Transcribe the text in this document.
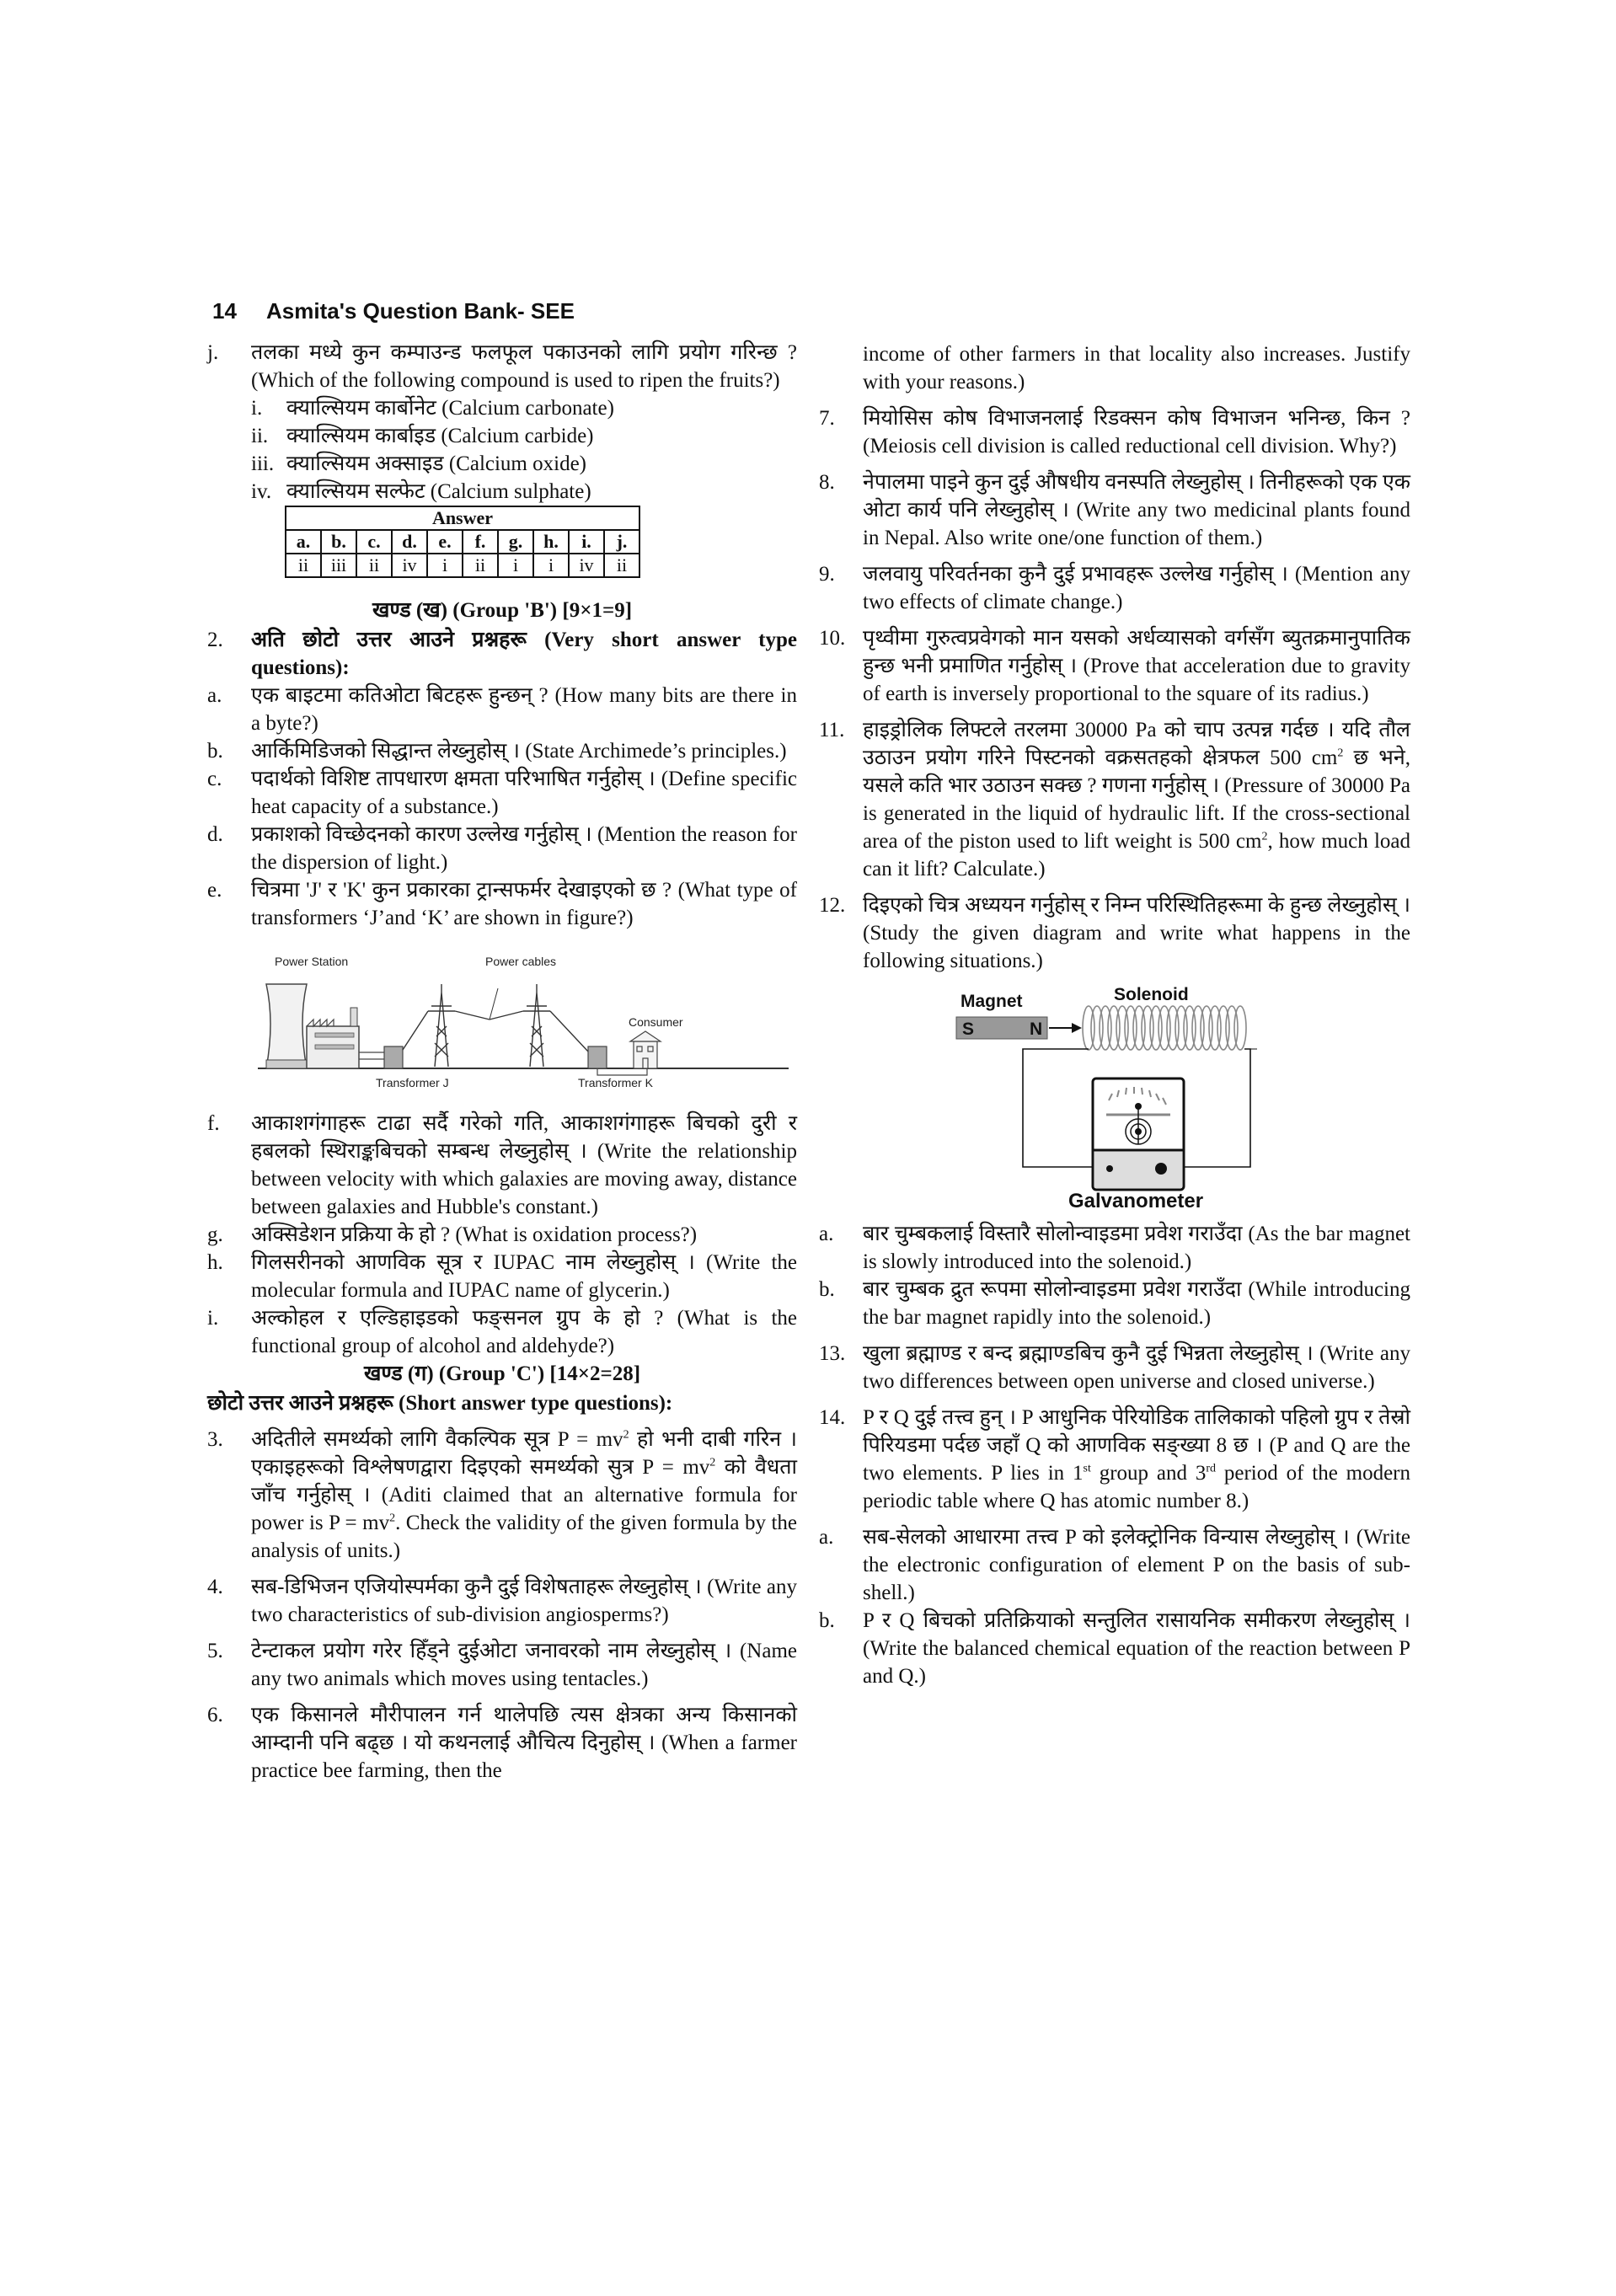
14 Asmita's Question Bank- SEE
j.	तलका मध्ये कुन कम्पाउन्ड फलफूल पकाउनको लागि प्रयोग गरिन्छ ? (Which of the following compound is used to ripen the fruits?)
i.	क्याल्सियम कार्बोनेट (Calcium carbonate)
ii. क्याल्सियम कार्बाइड (Calcium carbide)
iii. क्याल्सियम अक्साइड (Calcium oxide)
iv. क्याल्सियम सल्फेट (Calcium sulphate)
Answer									
a.	b.	c.	d.	e.	f.	g.	h.	i.	j.
ii	iii	ii	iv	i	ii	i	i	iv	ii
खण्ड (ख) (Group 'B') [9×1=9]
2.	अति छोटो उत्तर आउने प्रश्नहरू (Very short answer type questions):
a.	एक बाइटमा कतिओटा बिटहरू हुन्छन् ? (How many bits are there in a byte?)
b.	आर्किमिडिजको सिद्धान्त लेख्नुहोस् । (State Archimede’s principles.)
c.	पदार्थको विशिष्ट तापधारण क्षमता परिभाषित गर्नुहोस् । (Define specific heat capacity of a substance.)
d.	प्रकाशको विच्छेदनको कारण उल्लेख गर्नुहोस् । (Mention the reason for the dispersion of light.)
e.	चित्रमा 'J' र 'K' कुन प्रकारका ट्रान्सफर्मर देखाइएको छ ? (What type of transformers ‘J’and ‘K’ are shown in figure?)
Power Station	Power cables
Consumer
Transformer J	Transformer K
f.	आकाशगंगाहरू टाढा सर्दै गरेको गति, आकाशगंगाहरू बिचको दुरी र हबलको स्थिराङ्कबिचको सम्बन्ध लेख्नुहोस् । (Write the relationship between velocity with which galaxies are moving away, distance between galaxies and Hubble's constant.)
g.	अक्सिडेशन प्रक्रिया के हो ? (What is oxidation process?)
h.	गिलसरीनको आणविक सूत्र र IUPAC नाम लेख्नुहोस् । (Write the molecular formula and IUPAC name of glycerin.)
i.	अल्कोहल र एल्डिहाइडको फङ्सनल ग्रुप के हो ? (What is the functional group of alcohol and aldehyde?)
खण्ड (ग) (Group 'C') [14×2=28]
छोटो उत्तर आउने प्रश्नहरू (Short answer type questions):
3.	अदितीले समर्थ्यको लागि वैकल्पिक सूत्र $P = mv^2$ हो भनी दाबी गरिन । एकाइहरूको विश्लेषणद्वारा दिइएको समर्थ्यको सुत्र $P = mv^2$ को वैधता जाँच गर्नुहोस् । (Aditi claimed that an alternative formula for power is $P = mv^2$. Check the validity of the given formula by the analysis of units.)
4.	सब-डिभिजन एजियोस्पर्मका कुनै दुई विशेषताहरू लेख्नुहोस् । (Write any two characteristics of sub-division angiosperms?)
5.	टेन्टाकल प्रयोग गरेर हिँड्ने दुईओटा जनावरको नाम लेख्नुहोस् । (Name any two animals which moves using tentacles.)
6.	एक किसानले मौरीपालन गर्न थालेपछि त्यस क्षेत्रका अन्य किसानको आम्दानी पनि बढ्छ । यो कथनलाई औचित्य दिनुहोस् । (When a farmer practice bee farming, then the
income of other farmers in that locality also increases. Justify with your reasons.)
7.	मियोसिस कोष विभाजनलाई रिडक्सन कोष विभाजन भनिन्छ, किन ? (Meiosis cell division is called reductional cell division. Why?)
8.	नेपालमा पाइने कुन दुई औषधीय वनस्पति लेख्नुहोस् । तिनीहरूको एक एक ओटा कार्य पनि लेख्नुहोस् । (Write any two medicinal plants found in Nepal. Also write one/one function of them.)
9.	जलवायु परिवर्तनका कुनै दुई प्रभावहरू उल्लेख गर्नुहोस् । (Mention any two effects of climate change.)
10. पृथ्वीमा गुरुत्वप्रवेगको मान यसको अर्धव्यासको वर्गसँग ब्युतक्रमानुपातिक हुन्छ भनी प्रमाणित गर्नुहोस् । (Prove that acceleration due to gravity of earth is inversely proportional to the square of its radius.)
11. हाइड्रोलिक लिफ्टले तरलमा 30000 Pa को चाप उत्पन्न गर्दछ । यदि तौल उठाउन प्रयोग गरिने पिस्टनको वक्रसतहको क्षेत्रफल 500 $cm^2$ छ भने, यसले कति भार उठाउन सक्छ ? गणना गर्नुहोस् । (Pressure of 30000 Pa is generated in the liquid of hydraulic lift. If the cross-sectional area of the piston used to lift weight is 500 $cm^2$, how much load can it lift? Calculate.)
12. दिइएको चित्र अध्ययन गर्नुहोस् र निम्न परिस्थितिहरूमा के हुन्छ लेख्नुहोस् । (Study the given diagram and write what happens in the following situations.)
Magnet	Solenoid
S	N
Galvanometer
a.	बार चुम्बकलाई विस्तारै सोलोन्वाइडमा प्रवेश गराउँदा (As the bar magnet is slowly introduced into the solenoid.)
b.	बार चुम्बक द्रुत रूपमा सोलोन्वाइडमा प्रवेश गराउँदा (While introducing the bar magnet rapidly into the solenoid.)
13. खुला ब्रह्माण्ड र बन्द ब्रह्माण्डबिच कुनै दुई भिन्नता लेख्नुहोस् । (Write any two differences between open universe and closed universe.)
14. P र Q दुई तत्त्व हुन् । P आधुनिक पेरियोडिक तालिकाको पहिलो ग्रुप र तेस्रो पिरियडमा पर्दछ जहाँ Q को आणविक सङ्ख्या 8 छ । (P and Q are the two elements. P lies in 1st group and 3rd period of the modern periodic table where Q has atomic number 8.)
a.	सब-सेलको आधारमा तत्त्व P को इलेक्ट्रोनिक विन्यास लेख्नुहोस् । (Write the electronic configuration of element P on the basis of sub-shell.)
b.	P र Q बिचको प्रतिक्रियाको सन्तुलित रासायनिक समीकरण लेख्नुहोस् । (Write the balanced chemical equation of the reaction between P and Q.)
